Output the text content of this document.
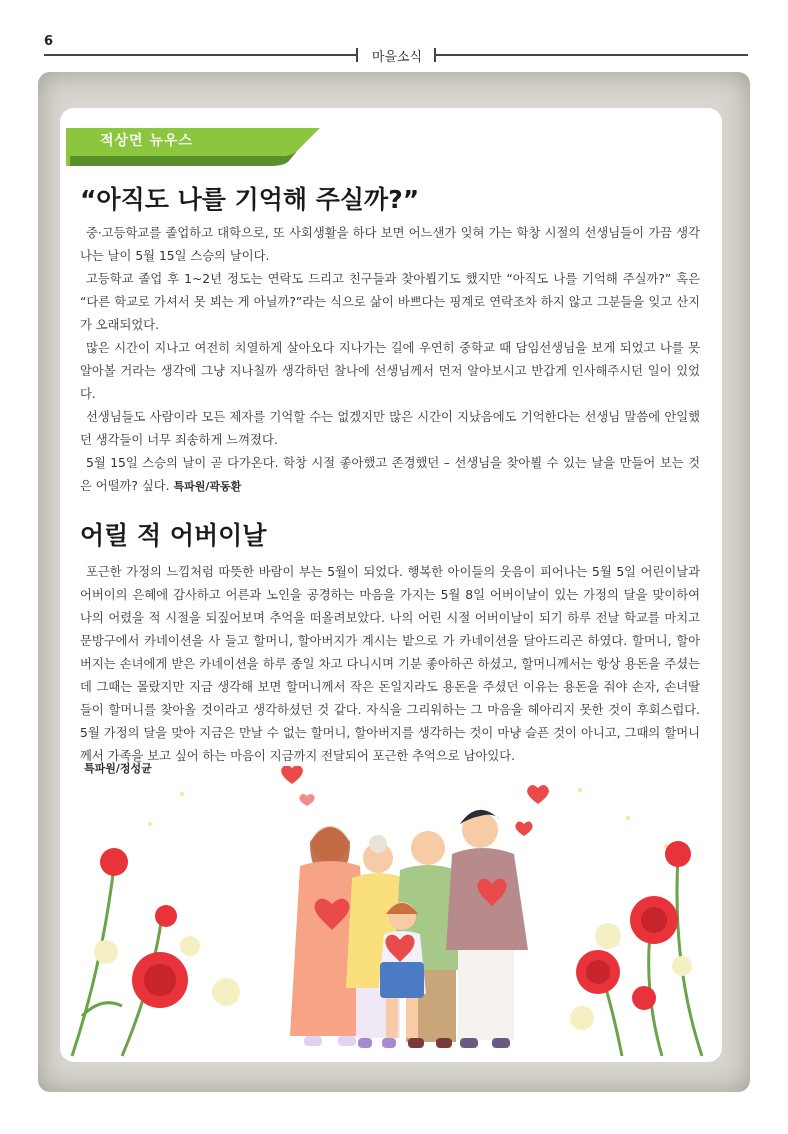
6
마을소식
적상면 뉴우스
“아직도 나를 기억해 주실까?”

중·고등학교를 졸업하고 대학으로, 또 사회생활을 하다 보면 어느샌가 잊혀 가는 학창 시절의 선생님들이 가끔 생각나는 날이 5월 15일 스승의 날이다.

고등학교 졸업 후 1~2년 정도는 연락도 드리고 친구들과 찾아뵙기도 했지만 “아직도 나를 기억해 주실까?” 혹은 “다른 학교로 가셔서 못 뵈는 게 아닐까?”라는 식으로 삶이 바쁘다는 핑계로 연락조차 하지 않고 그분들을 잊고 산지가 오래되었다.

많은 시간이 지나고 여전히 치열하게 살아오다 지나가는 길에 우연히 중학교 때 담임선생님을 보게 되었고 나를 못 알아볼 거라는 생각에 그냥 지나칠까 생각하던 찰나에 선생님께서 먼저 알아보시고 반갑게 인사해주시던 일이 있었다.

선생님들도 사람이라 모든 제자를 기억할 수는 없겠지만 많은 시간이 지났음에도 기억한다는 선생님 말씀에 안일했던 생각들이 너무 죄송하게 느껴졌다.

5월 15일 스승의 날이 곧 다가온다. 학창 시절 좋아했고 존경했던 – 선생님을 찾아뵐 수 있는 날을 만들어 보는 것은 어떨까? 싶다. 특파원/곽동환

어릴 적 어버이날

포근한 가정의 느낌처럼 따뜻한 바람이 부는 5월이 되었다. 행복한 아이들의 웃음이 피어나는 5월 5일 어린이날과 어버이의 은혜에 감사하고 어른과 노인을 공경하는 마음을 가지는 5월 8일 어버이날이 있는 가정의 달을 맞이하여 나의 어렸을 적 시절을 되짚어보며 추억을 떠올려보았다. 나의 어린 시절 어버이날이 되기 하루 전날 학교를 마치고 문방구에서 카네이션을 사 들고 할머니, 할아버지가 계시는 밭으로 가 카네이션을 달아드리곤 하였다. 할머니, 할아버지는 손녀에게 받은 카네이션을 하루 종일 차고 다니시며 기분 좋아하곤 하셨고, 할머니께서는 항상 용돈을 주셨는데 그때는 몰랐지만 지금 생각해 보면 할머니께서 작은 돈일지라도 용돈을 주셨던 이유는 용돈을 줘야 손자, 손녀딸들이 할머니를 찾아올 것이라고 생각하셨던 것 같다. 자식을 그리워하는 그 마음을 헤아리지 못한 것이 후회스럽다. 5월 가정의 달을 맞아 지금은 만날 수 없는 할머니, 할아버지를 생각하는 것이 마냥 슬픈 것이 아니고, 그때의 할머니께서 가족을 보고 싶어 하는 마음이 지금까지 전달되어 포근한 추억으로 남아있다.

특파원/정성균
